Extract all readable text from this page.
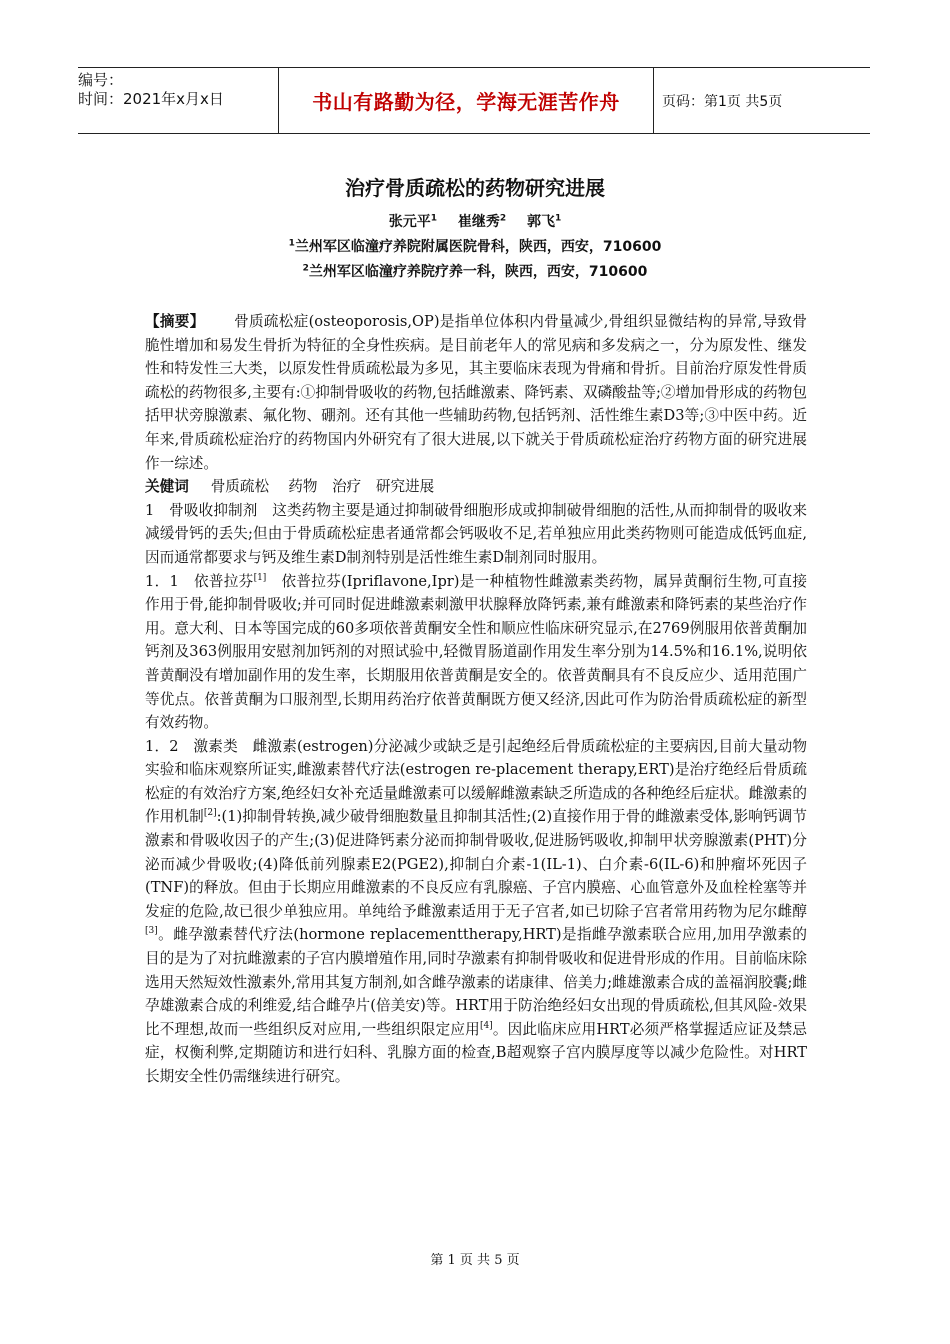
编号：
时间：2021年x月x日	书山有路勤为径，学海无涯苦作舟	页码：第1页 共5页
治疗骨质疏松的药物研究进展
张元平$^1$ 崔继秀$^2$ 郭飞$^1$
$^1$兰州军区临潼疗养院附属医院骨科，陕西，西安，710600
$^2$兰州军区临潼疗养院疗养一科，陕西，西安，710600

【摘要】   骨质疏松症(osteoporosis,OP)是指单位体积内骨量减少,骨组织显微结构的异常,导致骨脆性增加和易发生骨折为特征的全身性疾病。是目前老年人的常见病和多发病之一，分为原发性、继发性和特发性三大类，以原发性骨质疏松最为多见，其主要临床表现为骨痛和骨折。目前治疗原发性骨质疏松的药物很多,主要有:①抑制骨吸收的药物,包括雌激素、降钙素、双磷酸盐等;②增加骨形成的药物包括甲状旁腺激素、氟化物、硼剂。还有其他一些辅助药物,包括钙剂、活性维生素D3等;③中医中药。近年来,骨质疏松症治疗的药物国内外研究有了很大进展,以下就关于骨质疏松症治疗药物方面的研究进展作一综述。

关健词   骨质疏松　 药物　治疗　研究进展

1　骨吸收抑制剂　这类药物主要是通过抑制破骨细胞形成或抑制破骨细胞的活性,从而抑制骨的吸收来减缓骨钙的丢失;但由于骨质疏松症患者通常都会钙吸收不足,若单独应用此类药物则可能造成低钙血症,因而通常都要求与钙及维生素D制剂特别是活性维生素D制剂同时服用。

1．1　依普拉芬[1]　依普拉芬(Ipriflavone,Ipr)是一种植物性雌激素类药物，属异黄酮衍生物,可直接作用于骨,能抑制骨吸收;并可同时促进雌激素刺激甲状腺释放降钙素,兼有雌激素和降钙素的某些治疗作用。意大利、日本等国完成的60多项依普黄酮安全性和顺应性临床研究显示,在2769例服用依普黄酮加钙剂及363例服用安慰剂加钙剂的对照试验中,轻微胃肠道副作用发生率分别为14.5%和16.1%,说明依普黄酮没有增加副作用的发生率，长期服用依普黄酮是安全的。依普黄酮具有不良反应少、适用范围广等优点。依普黄酮为口服剂型,长期用药治疗依普黄酮既方便又经济,因此可作为防治骨质疏松症的新型有效药物。

1．2　激素类　雌激素(estrogen)分泌减少或缺乏是引起绝经后骨质疏松症的主要病因,目前大量动物实验和临床观察所证实,雌激素替代疗法(estrogen re-placement therapy,ERT)是治疗绝经后骨质疏松症的有效治疗方案,绝经妇女补充适量雌激素可以缓解雌激素缺乏所造成的各种绝经后症状。雌激素的作用机制[2]:(1)抑制骨转换,减少破骨细胞数量且抑制其活性;(2)直接作用于骨的雌激素受体,影响钙调节激素和骨吸收因子的产生;(3)促进降钙素分泌而抑制骨吸收,促进肠钙吸收,抑制甲状旁腺激素(PHT)分泌而减少骨吸收;(4)降低前列腺素E2(PGE2),抑制白介素-1(IL-1)、白介素-6(IL-6)和肿瘤坏死因子(TNF)的释放。但由于长期应用雌激素的不良反应有乳腺癌、子宫内膜癌、心血管意外及血栓栓塞等并发症的危险,故已很少单独应用。单纯给予雌激素适用于无子宫者,如已切除子宫者常用药物为尼尔雌醇[3]。雌孕激素替代疗法(hormone replacementtherapy,HRT)是指雌孕激素联合应用,加用孕激素的目的是为了对抗雌激素的子宫内膜增殖作用,同时孕激素有抑制骨吸收和促进骨形成的作用。目前临床除选用天然短效性激素外,常用其复方制剂,如含雌孕激素的诺康律、倍美力;雌雄激素合成的盖福润胶囊;雌孕雄激素合成的利维爱,结合雌孕片(倍美安)等。HRT用于防治绝经妇女出现的骨质疏松,但其风险-效果比不理想,故而一些组织反对应用,一些组织限定应用[4]。因此临床应用HRT必须严格掌握适应证及禁忌症，权衡利弊,定期随访和进行妇科、乳腺方面的检查,B超观察子宫内膜厚度等以减少危险性。对HRT长期安全性仍需继续进行研究。

第 1 页 共 5 页
